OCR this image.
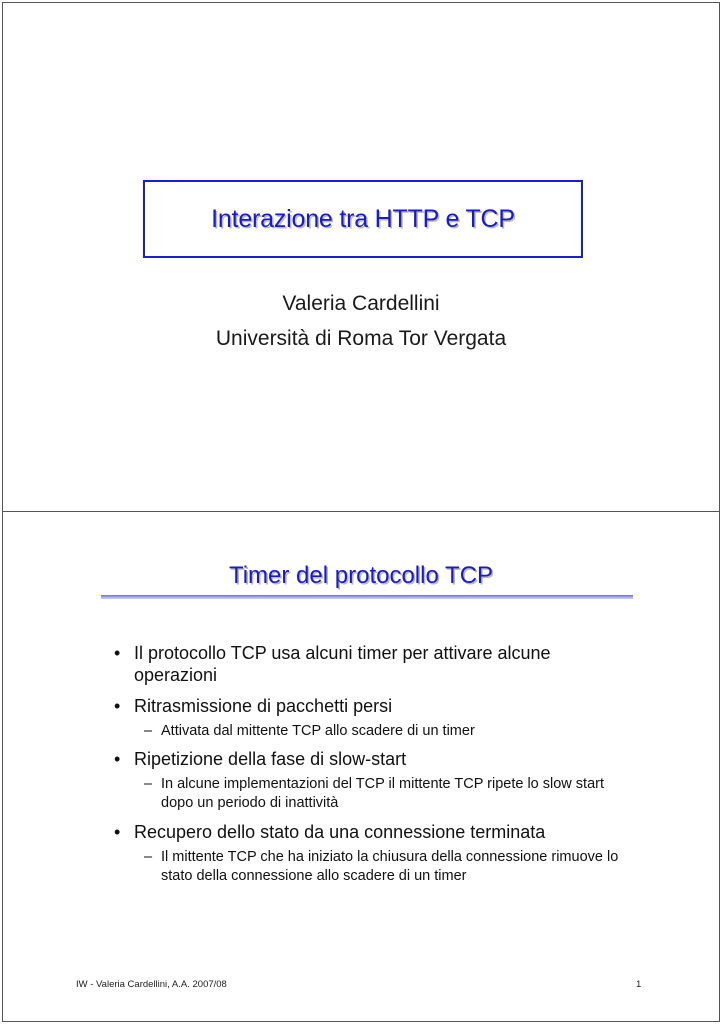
Interazione tra HTTP e TCP
Valeria Cardellini
Università di Roma Tor Vergata
Timer del protocollo TCP
• Il protocollo TCP usa alcuni timer per attivare alcune operazioni
• Ritrasmissione di pacchetti persi
– Attivata dal mittente TCP allo scadere di un timer
• Ripetizione della fase di slow-start
– In alcune implementazioni del TCP il mittente TCP ripete lo slow start dopo un periodo di inattività
• Recupero dello stato da una connessione terminata
– Il mittente TCP che ha iniziato la chiusura della connessione rimuove lo stato della connessione allo scadere di un timer
IW - Valeria Cardellini, A.A. 2007/08	1
